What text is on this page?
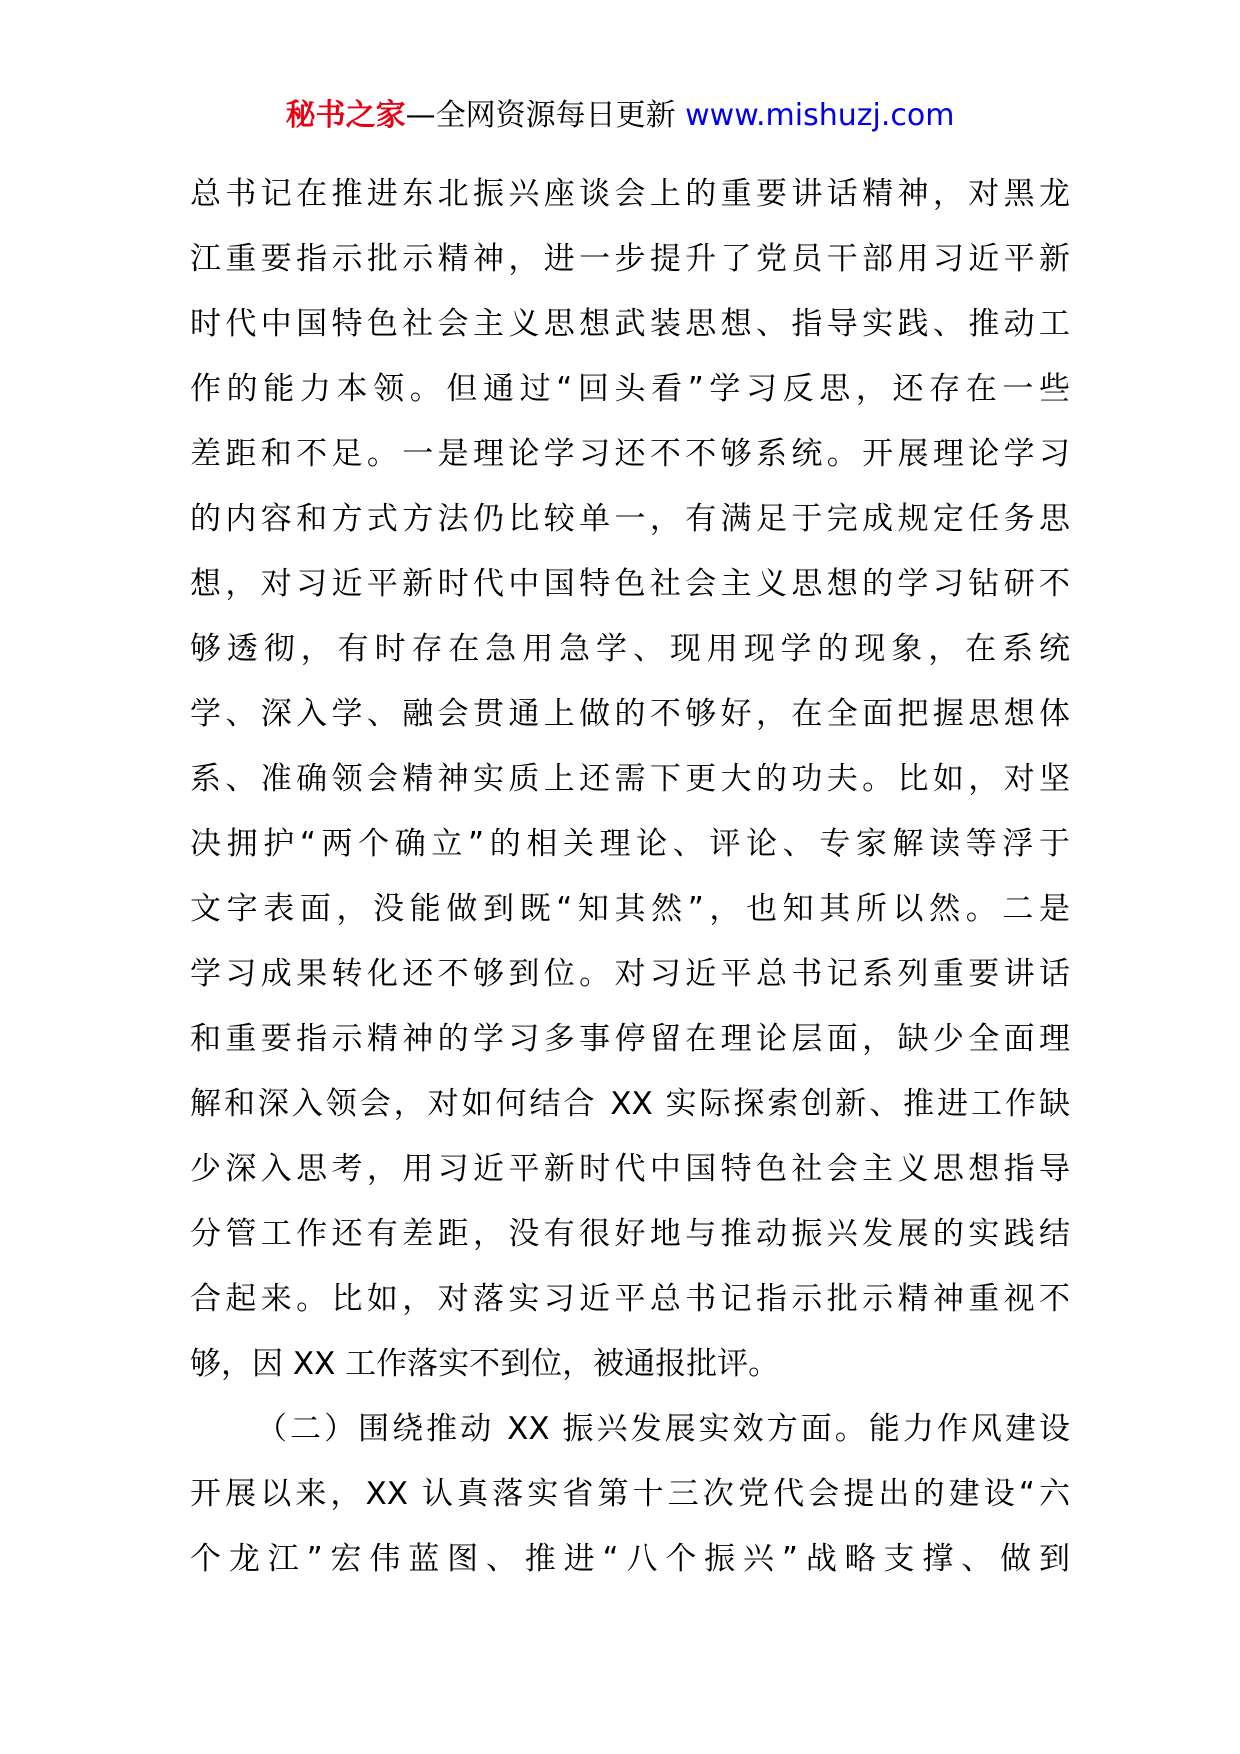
秘书之家—全网资源每日更新 www.mishuzj.com
总书记在推进东北振兴座谈会上的重要讲话精神，对黑龙
江重要指示批示精神，进一步提升了党员干部用习近平新
时代中国特色社会主义思想武装思想、指导实践、推动工
作的能力本领。但通过“回头看”学习反思，还存在一些
差距和不足。一是理论学习还不不够系统。开展理论学习
的内容和方式方法仍比较单一，有满足于完成规定任务思
想，对习近平新时代中国特色社会主义思想的学习钻研不
够透彻，有时存在急用急学、现用现学的现象，在系统
学、深入学、融会贯通上做的不够好，在全面把握思想体
系、准确领会精神实质上还需下更大的功夫。比如，对坚
决拥护“两个确立”的相关理论、评论、专家解读等浮于
文字表面，没能做到既“知其然”，也知其所以然。二是
学习成果转化还不够到位。对习近平总书记系列重要讲话
和重要指示精神的学习多事停留在理论层面，缺少全面理
解和深入领会，对如何结合 XX 实际探索创新、推进工作缺
少深入思考，用习近平新时代中国特色社会主义思想指导
分管工作还有差距，没有很好地与推动振兴发展的实践结
合起来。比如，对落实习近平总书记指示批示精神重视不
够，因 XX 工作落实不到位，被通报批评。
（二）围绕推动 XX 振兴发展实效方面。能力作风建设
开展以来，XX 认真落实省第十三次党代会提出的建设“六
个龙江”宏伟蓝图、推进“八个振兴”战略支撑、做到
